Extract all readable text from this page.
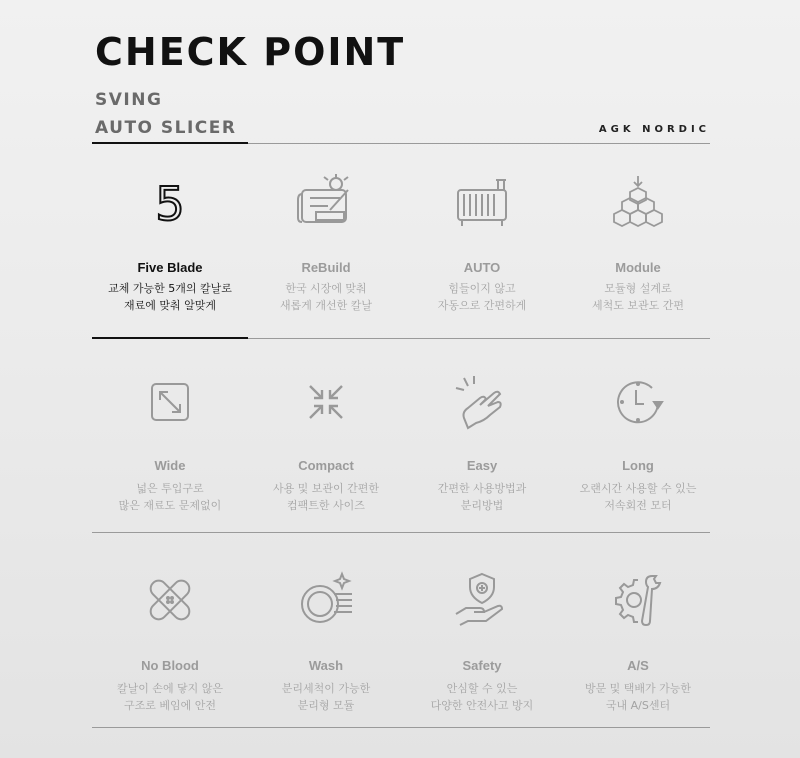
CHECK POINT
SVING
AUTO SLICER	AGK NORDIC
5
Five Blade
교체 가능한 5개의 칼날로
재료에 맞춰 알맞게
ReBuild
한국 시장에 맞춰
새롭게 개선한 칼날
AUTO
힘들이지 않고
자동으로 간편하게
Module
모듈형 설계로
세척도 보관도 간편
Wide
넓은 투입구로
많은 재료도 문제없이
Compact
사용 및 보관이 간편한
컴팩트한 사이즈
Easy
간편한 사용방법과
분리방법
Long
오랜시간 사용할 수 있는
저속회전 모터
No Blood
칼날이 손에 닿지 않은
구조로 베임에 안전
Wash
분리세척이 가능한
분리형 모듈
Safety
안심할 수 있는
다양한 안전사고 방지
A/S
방문 및 택배가 가능한
국내 A/S센터
